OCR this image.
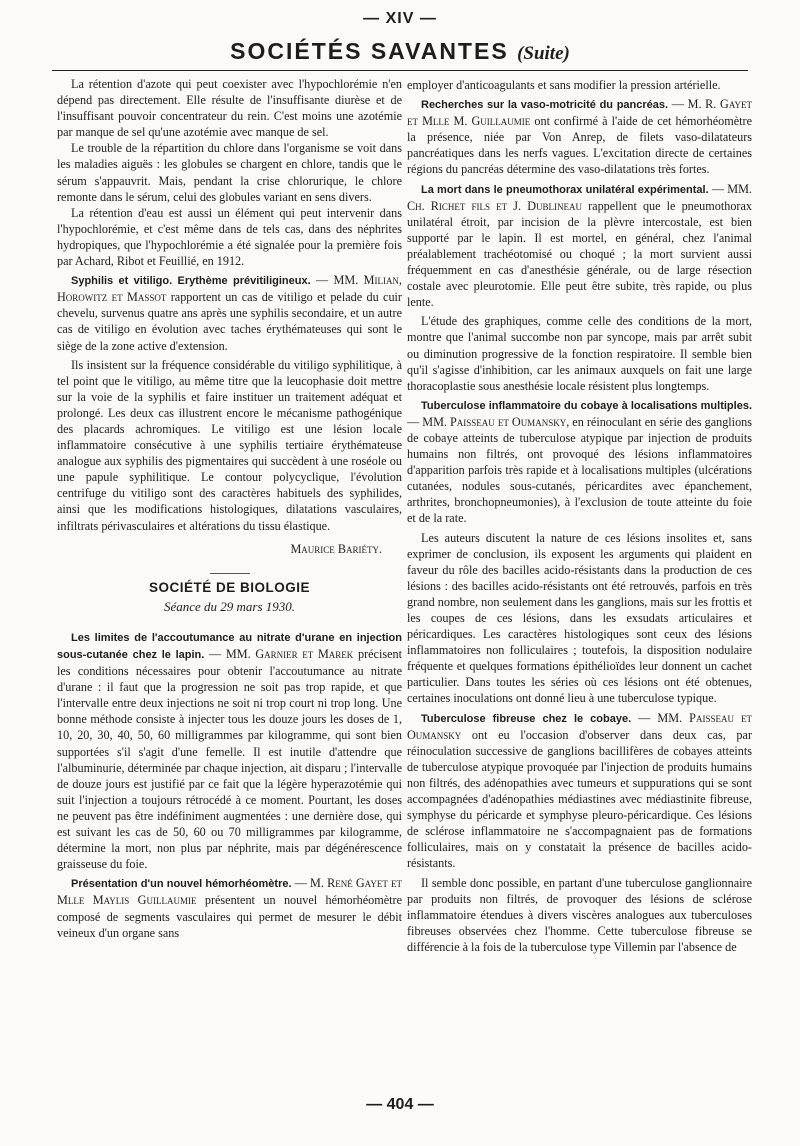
— XIV —
SOCIÉTÉS SAVANTES (Suite)

La rétention d'azote qui peut coexister avec l'hypochlorémie n'en dépend pas directement. Elle résulte de l'insuffisante diurèse et de l'insuffisant pouvoir concentrateur du rein. C'est moins une azotémie par manque de sel qu'une azotémie avec manque de sel.

Le trouble de la répartition du chlore dans l'organisme se voit dans les maladies aiguës : les globules se chargent en chlore, tandis que le sérum s'appauvrit. Mais, pendant la crise chlorurique, le chlore remonte dans le sérum, celui des globules variant en sens divers.

La rétention d'eau est aussi un élément qui peut intervenir dans l'hypochlorémie, et c'est même dans de tels cas, dans des néphrites hydropiques, que l'hypochlorémie a été signalée pour la première fois par Achard, Ribot et Feuillié, en 1912.

Syphilis et vitiligo. Erythème prévitiligineux. — MM. Milian, Horowitz et Massot rapportent un cas de vitiligo et pelade du cuir chevelu, survenus quatre ans après une syphilis secondaire, et un autre cas de vitiligo en évolution avec taches érythémateuses qui sont le siège de la zone active d'extension.

Ils insistent sur la fréquence considérable du vitiligo syphilitique, à tel point que le vitiligo, au même titre que la leucophasie doit mettre sur la voie de la syphilis et faire instituer un traitement adéquat et prolongé. Les deux cas illustrent encore le mécanisme pathogénique des placards achromiques. Le vitiligo est une lésion locale inflammatoire consécutive à une syphilis tertiaire érythémateuse analogue aux syphilis des pigmentaires qui succèdent à une roséole ou une papule syphilitique. Le contour polycyclique, l'évolution centrifuge du vitiligo sont des caractères habituels des syphilides, ainsi que les modifications histologiques, dilatations vasculaires, infiltrats périvasculaires et altérations du tissu élastique.

Maurice Bariéty.
SOCIÉTÉ DE BIOLOGIE
Séance du 29 mars 1930.

Les limites de l'accoutumance au nitrate d'urane en injection sous-cutanée chez le lapin. — MM. Garnier et Marek précisent les conditions nécessaires pour obtenir l'accoutumance au nitrate d'urane : il faut que la progression ne soit pas trop rapide, et que l'intervalle entre deux injections ne soit ni trop court ni trop long. Une bonne méthode consiste à injecter tous les douze jours les doses de 1, 10, 20, 30, 40, 50, 60 milligrammes par kilogramme, qui sont bien supportées s'il s'agit d'une femelle. Il est inutile d'attendre que l'albuminurie, déterminée par chaque injection, ait disparu ; l'intervalle de douze jours est justifié par ce fait que la légère hyperazotémie qui suit l'injection a toujours rétrocédé à ce moment. Pourtant, les doses ne peuvent pas être indéfiniment augmentées : une dernière dose, qui est suivant les cas de 50, 60 ou 70 milligrammes par kilogramme, détermine la mort, non plus par néphrite, mais par dégénérescence graisseuse du foie.

Présentation d'un nouvel hémorhéomètre. — M. René Gayet et Mlle Maylis Guillaumie présentent un nouvel hémorhéomètre composé de segments vasculaires qui permet de mesurer le débit veineux d'un organe sans

employer d'anticoagulants et sans modifier la pression artérielle.

Recherches sur la vaso-motricité du pancréas. — M. R. Gayet et Mlle M. Guillaumie ont confirmé à l'aide de cet hémorhéomètre la présence, niée par Von Anrep, de filets vaso-dilatateurs pancréatiques dans les nerfs vagues. L'excitation directe de certaines régions du pancréas détermine des vaso-dilatations très fortes.

La mort dans le pneumothorax unilatéral expérimental. — MM. Ch. Richet fils et J. Dublineau rappellent que le pneumothorax unilatéral étroit, par incision de la plèvre intercostale, est bien supporté par le lapin. Il est mortel, en général, chez l'animal préalablement trachéotomisé ou choqué ; la mort survient aussi fréquemment en cas d'anesthésie générale, ou de large résection costale avec pleurotomie. Elle peut être subite, très rapide, ou plus lente.

L'étude des graphiques, comme celle des conditions de la mort, montre que l'animal succombe non par syncope, mais par arrêt subit ou diminution progressive de la fonction respiratoire. Il semble bien qu'il s'agisse d'inhibition, car les animaux auxquels on fait une large thoracoplastie sous anesthésie locale résistent plus longtemps.

Tuberculose inflammatoire du cobaye à localisations multiples. — MM. Paisseau et Oumansky, en réinoculant en série des ganglions de cobaye atteints de tuberculose atypique par injection de produits humains non filtrés, ont provoqué des lésions inflammatoires d'apparition parfois très rapide et à localisations multiples (ulcérations cutanées, nodules sous-cutanés, péricardites avec épanchement, arthrites, bronchopneumonies), à l'exclusion de toute atteinte du foie et de la rate.

Les auteurs discutent la nature de ces lésions insolites et, sans exprimer de conclusion, ils exposent les arguments qui plaident en faveur du rôle des bacilles acido-résistants dans la production de ces lésions : des bacilles acido-résistants ont été retrouvés, parfois en très grand nombre, non seulement dans les ganglions, mais sur les frottis et les coupes de ces lésions, dans les exsudats articulaires et péricardiques. Les caractères histologiques sont ceux des lésions inflammatoires non folliculaires ; toutefois, la disposition nodulaire fréquente et quelques formations épithélioïdes leur donnent un cachet particulier. Dans toutes les séries où ces lésions ont été obtenues, certaines inoculations ont donné lieu à une tuberculose typique.

Tuberculose fibreuse chez le cobaye. — MM. Paisseau et Oumansky ont eu l'occasion d'observer dans deux cas, par réinoculation successive de ganglions bacillifères de cobayes atteints de tuberculose atypique provoquée par l'injection de produits humains non filtrés, des adénopathies avec tumeurs et suppurations qui se sont accompagnées d'adénopathies médiastines avec médiastinite fibreuse, symphyse du péricarde et symphyse pleuro-péricardique. Ces lésions de sclérose inflammatoire ne s'accompagnaient pas de formations folliculaires, mais on y constatait la présence de bacilles acido-résistants.

Il semble donc possible, en partant d'une tuberculose ganglionnaire par produits non filtrés, de provoquer des lésions de sclérose inflammatoire étendues à divers viscères analogues aux tuberculoses fibreuses observées chez l'homme. Cette tuberculose fibreuse se différencie à la fois de la tuberculose type Villemin par l'absence de

— 404 —
